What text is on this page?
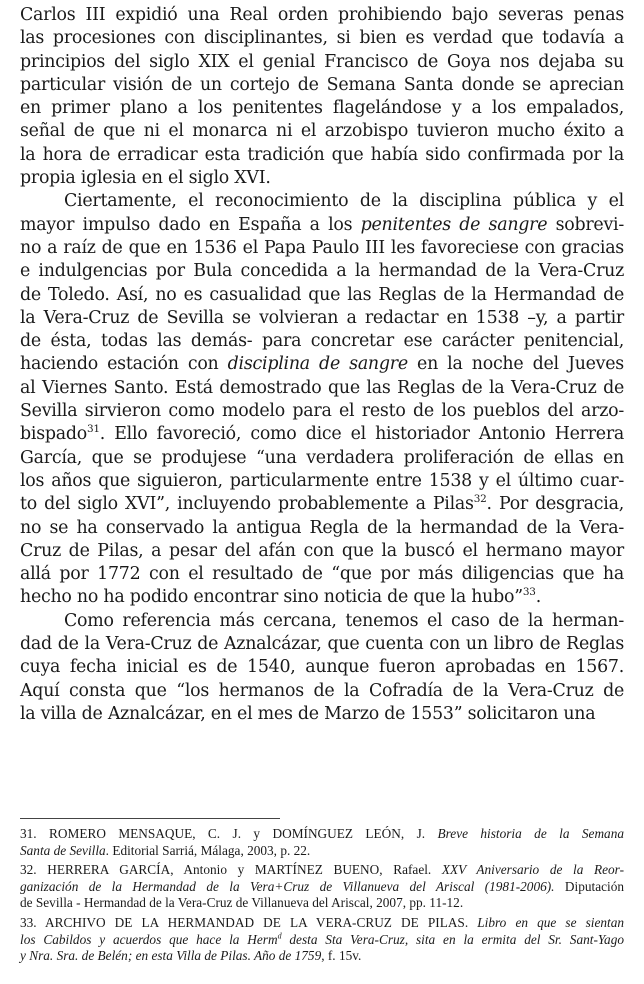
Carlos III expidió una Real orden prohibiendo bajo severas penas
las procesiones con disciplinantes, si bien es verdad que todavía a
principios del siglo XIX el genial Francisco de Goya nos dejaba su
particular visión de un cortejo de Semana Santa donde se aprecian
en primer plano a los penitentes flagelándose y a los empalados,
señal de que ni el monarca ni el arzobispo tuvieron mucho éxito a
la hora de erradicar esta tradición que había sido confirmada por la
propia iglesia en el siglo XVI.
Ciertamente, el reconocimiento de la disciplina pública y el
mayor impulso dado en España a los penitentes de sangre sobrevi-
no a raíz de que en 1536 el Papa Paulo III les favoreciese con gracias
e indulgencias por Bula concedida a la hermandad de la Vera-Cruz
de Toledo. Así, no es casualidad que las Reglas de la Hermandad de
la Vera-Cruz de Sevilla se volvieran a redactar en 1538 –y, a partir
de ésta, todas las demás- para concretar ese carácter penitencial,
haciendo estación con disciplina de sangre en la noche del Jueves
al Viernes Santo. Está demostrado que las Reglas de la Vera-Cruz de
Sevilla sirvieron como modelo para el resto de los pueblos del arzo-
bispado$^{31}$. Ello favoreció, como dice el historiador Antonio Herrera
García, que se produjese “una verdadera proliferación de ellas en
los años que siguieron, particularmente entre 1538 y el último cuar-
to del siglo XVI”, incluyendo probablemente a Pilas$^{32}$. Por desgracia,
no se ha conservado la antigua Regla de la hermandad de la Vera-
Cruz de Pilas, a pesar del afán con que la buscó el hermano mayor
allá por 1772 con el resultado de “que por más diligencias que ha
hecho no ha podido encontrar sino noticia de que la hubo”$^{33}$.
Como referencia más cercana, tenemos el caso de la herman-
dad de la Vera-Cruz de Aznalcázar, que cuenta con un libro de Reglas
cuya fecha inicial es de 1540, aunque fueron aprobadas en 1567.
Aquí consta que “los hermanos de la Cofradía de la Vera-Cruz de
la villa de Aznalcázar, en el mes de Marzo de 1553” solicitaron una
31. ROMERO MENSAQUE, C. J. y DOMÍNGUEZ LEÓN, J. Breve historia de la Semana
Santa de Sevilla. Editorial Sarriá, Málaga, 2003, p. 22.
32. HERRERA GARCÍA, Antonio y MARTÍNEZ BUENO, Rafael. XXV Aniversario de la Reor-
ganización de la Hermandad de la Vera+Cruz de Villanueva del Ariscal (1981-2006). Diputación
de Sevilla - Hermandad de la Vera-Cruz de Villanueva del Ariscal, 2007, pp. 11-12.
33. ARCHIVO DE LA HERMANDAD DE LA VERA-CRUZ DE PILAS. Libro en que se sientan
los Cabildos y acuerdos que hace la Herm$^d$ desta Sta Vera-Cruz, sita en la ermita del Sr. Sant-Yago
y Nra. Sra. de Belén; en esta Villa de Pilas. Año de 1759, f. 15v.
